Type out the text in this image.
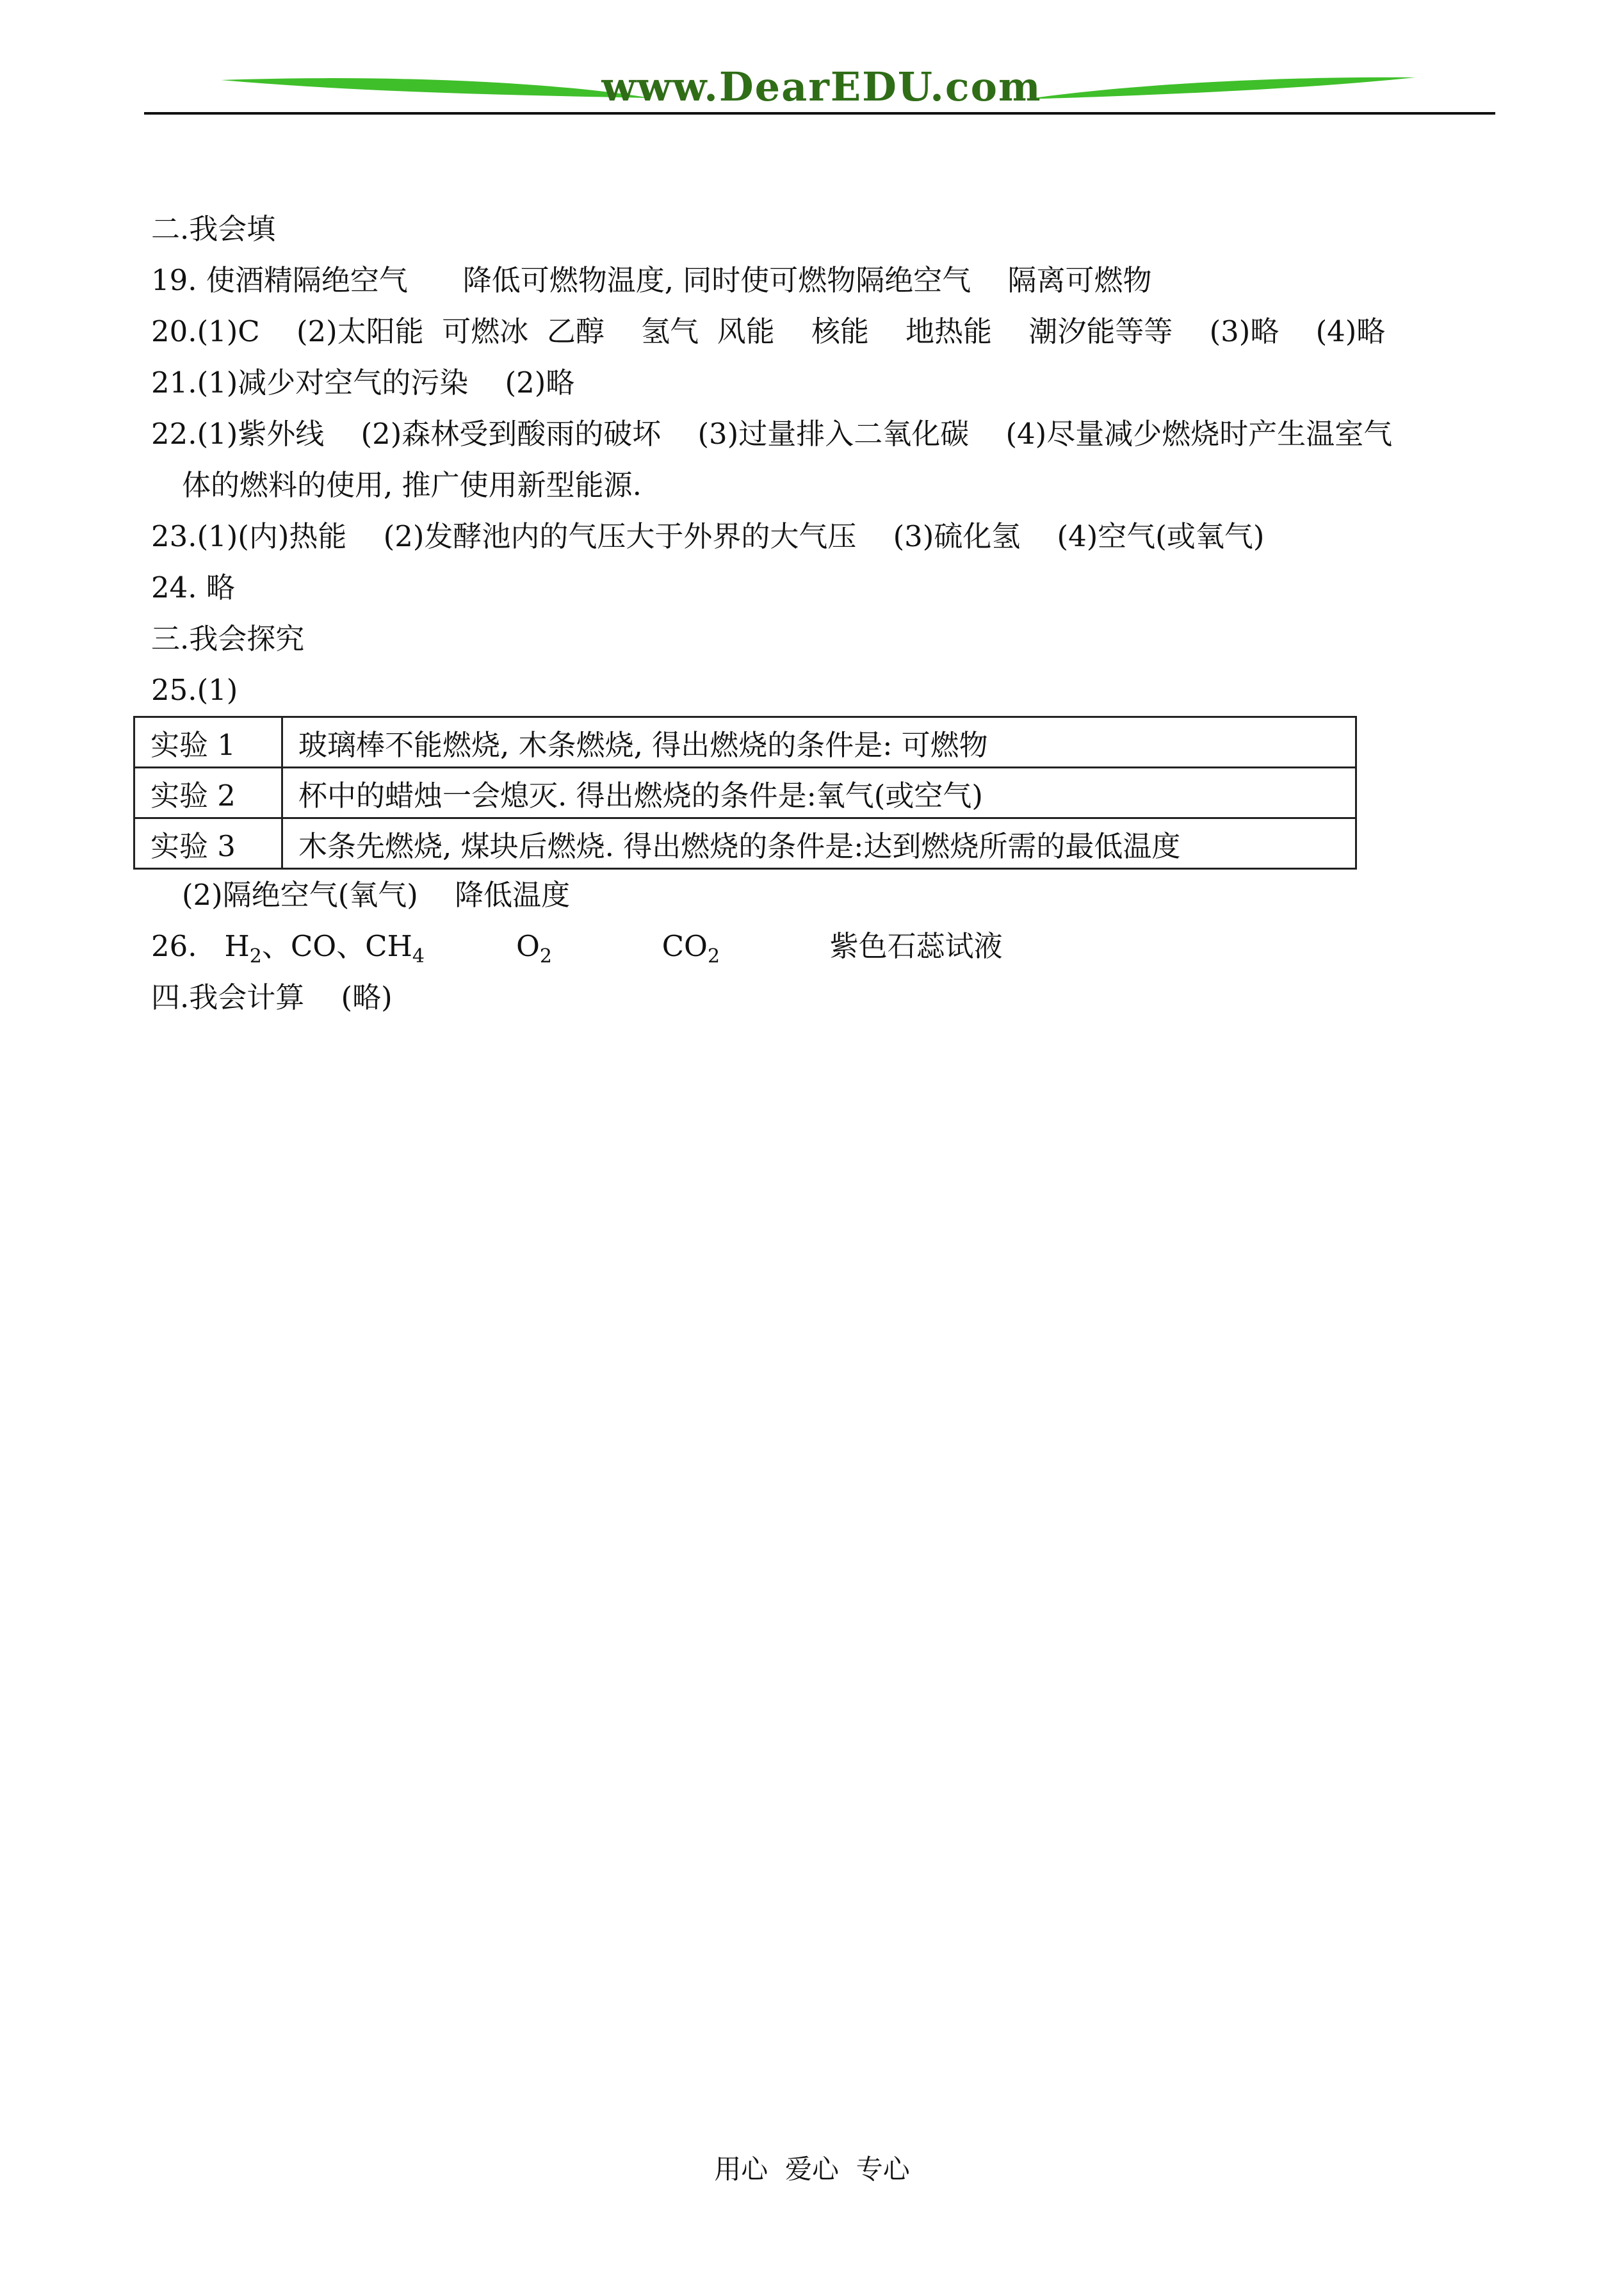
www.DearEDU.com
二.我会填
19. 使酒精隔绝空气      降低可燃物温度, 同时使可燃物隔绝空气    隔离可燃物
20.(1)C    (2)太阳能  可燃冰  乙醇    氢气  风能    核能    地热能    潮汐能等等    (3)略    (4)略
21.(1)减少对空气的污染    (2)略
22.(1)紫外线    (2)森林受到酸雨的破坏    (3)过量排入二氧化碳    (4)尽量减少燃烧时产生温室气
体的燃料的使用, 推广使用新型能源.
23.(1)(内)热能    (2)发酵池内的气压大于外界的大气压    (3)硫化氢    (4)空气(或氧气)
24. 略
三.我会探究
25.(1)
实验 1	玻璃棒不能燃烧, 木条燃烧, 得出燃烧的条件是: 可燃物
实验 2	杯中的蜡烛一会熄灭. 得出燃烧的条件是:氧气(或空气)
实验 3	木条先燃烧, 煤块后燃烧. 得出燃烧的条件是:达到燃烧所需的最低温度
(2)隔绝空气(氧气)    降低温度
26.   $H_2$、CO、$CH_4$          $O_2$            $CO_2$            紫色石蕊试液
四.我会计算    (略)
用心  爱心  专心
